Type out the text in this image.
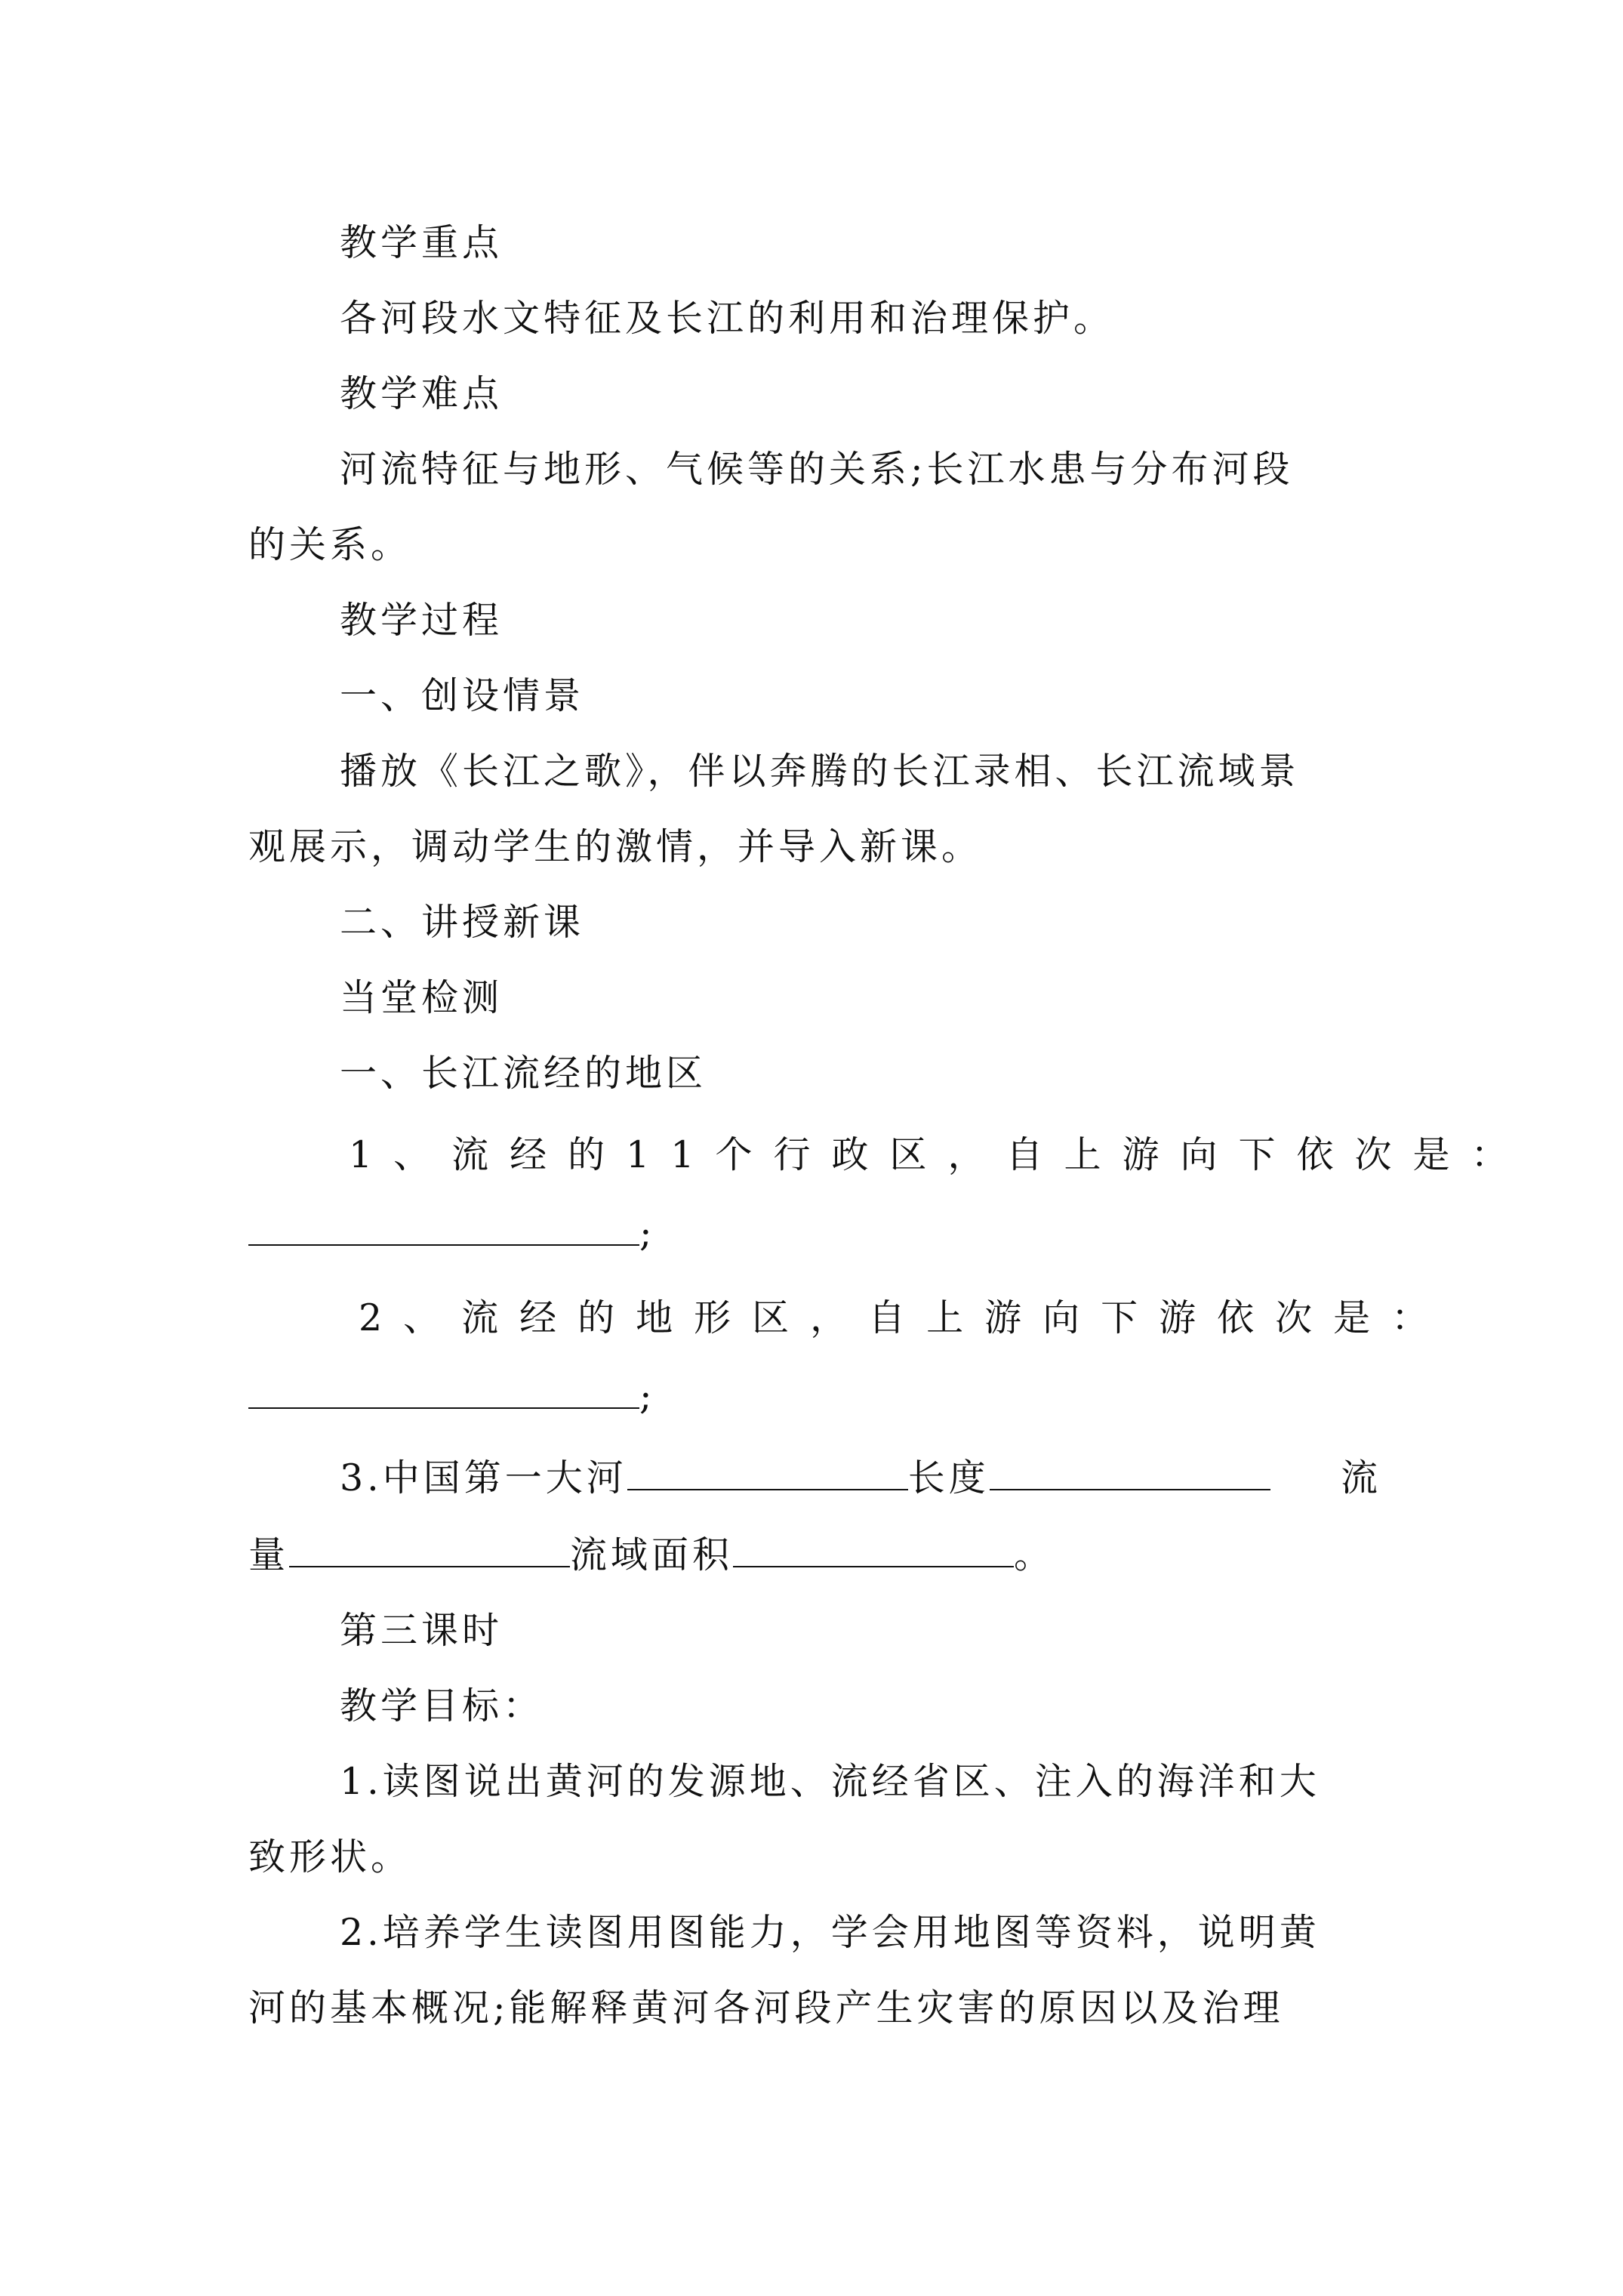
教学重点
各河段水文特征及长江的利用和治理保护。
教学难点
河流特征与地形、气候等的关系;长江水患与分布河段
的关系。
教学过程
一、创设情景
播放《长江之歌》，伴以奔腾的长江录相、长江流域景
观展示，调动学生的激情，并导入新课。
二、讲授新课
当堂检测
一、长江流经的地区
1、流经的11个行政区，自上游向下依次是：
;
2、流经的地形区，自上游向下游依次是：
;
3.中国第一大河	长度	流
量	流域面积	。
第三课时
教学目标：
1.读图说出黄河的发源地、流经省区、注入的海洋和大
致形状。
2.培养学生读图用图能力，学会用地图等资料，说明黄
河的基本概况;能解释黄河各河段产生灾害的原因以及治理
